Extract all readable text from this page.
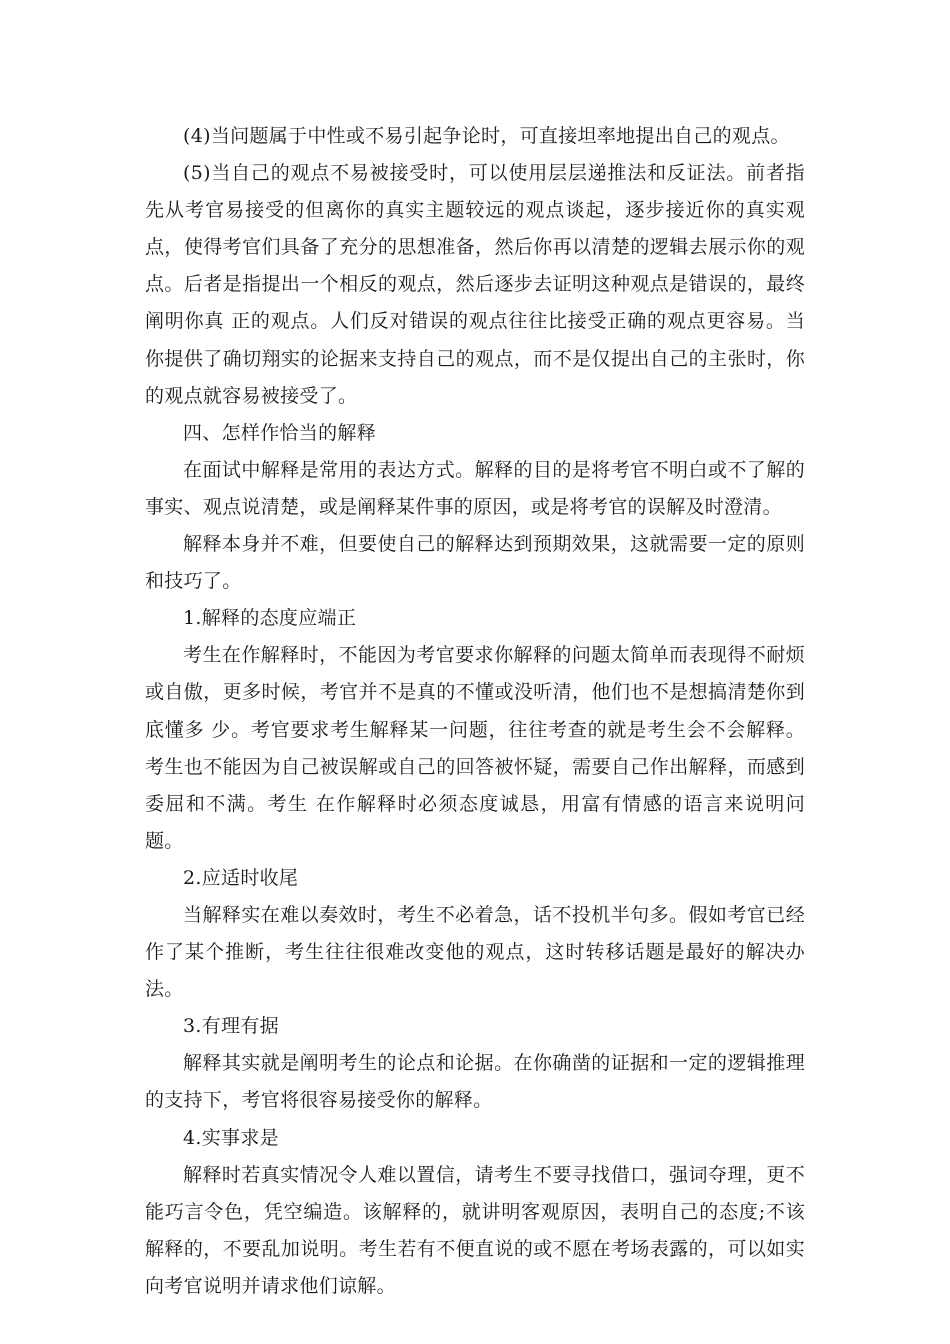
(4)当问题属于中性或不易引起争论时，可直接坦率地提出自己的观点。

(5)当自己的观点不易被接受时，可以使用层层递推法和反证法。前者指先从考官易接受的但离你的真实主题较远的观点谈起，逐步接近你的真实观 点，使得考官们具备了充分的思想准备，然后你再以清楚的逻辑去展示你的观点。后者是指提出一个相反的观点，然后逐步去证明这种观点是错误的，最终阐明你真 正的观点。人们反对错误的观点往往比接受正确的观点更容易。当你提供了确切翔实的论据来支持自己的观点，而不是仅提出自己的主张时，你的观点就容易被接受了。

四、怎样作恰当的解释

在面试中解释是常用的表达方式。解释的目的是将考官不明白或不了解的事实、观点说清楚，或是阐释某件事的原因，或是将考官的误解及时澄清。

解释本身并不难，但要使自己的解释达到预期效果，这就需要一定的原则和技巧了。

1.解释的态度应端正

考生在作解释时，不能因为考官要求你解释的问题太简单而表现得不耐烦或自傲，更多时候，考官并不是真的不懂或没听清，他们也不是想搞清楚你到底懂多 少。考官要求考生解释某一问题，往往考查的就是考生会不会解释。考生也不能因为自己被误解或自己的回答被怀疑，需要自己作出解释，而感到委屈和不满。考生 在作解释时必须态度诚恳，用富有情感的语言来说明问题。

2.应适时收尾

当解释实在难以奏效时，考生不必着急，话不投机半句多。假如考官已经作了某个推断，考生往往很难改变他的观点，这时转移话题是最好的解决办法。

3.有理有据

解释其实就是阐明考生的论点和论据。在你确凿的证据和一定的逻辑推理的支持下，考官将很容易接受你的解释。

4.实事求是

解释时若真实情况令人难以置信，请考生不要寻找借口，强词夺理，更不能巧言令色，凭空编造。该解释的，就讲明客观原因，表明自己的态度;不该解释的，不要乱加说明。考生若有不便直说的或不愿在考场表露的，可以如实向考官说明并请求他们谅解。
